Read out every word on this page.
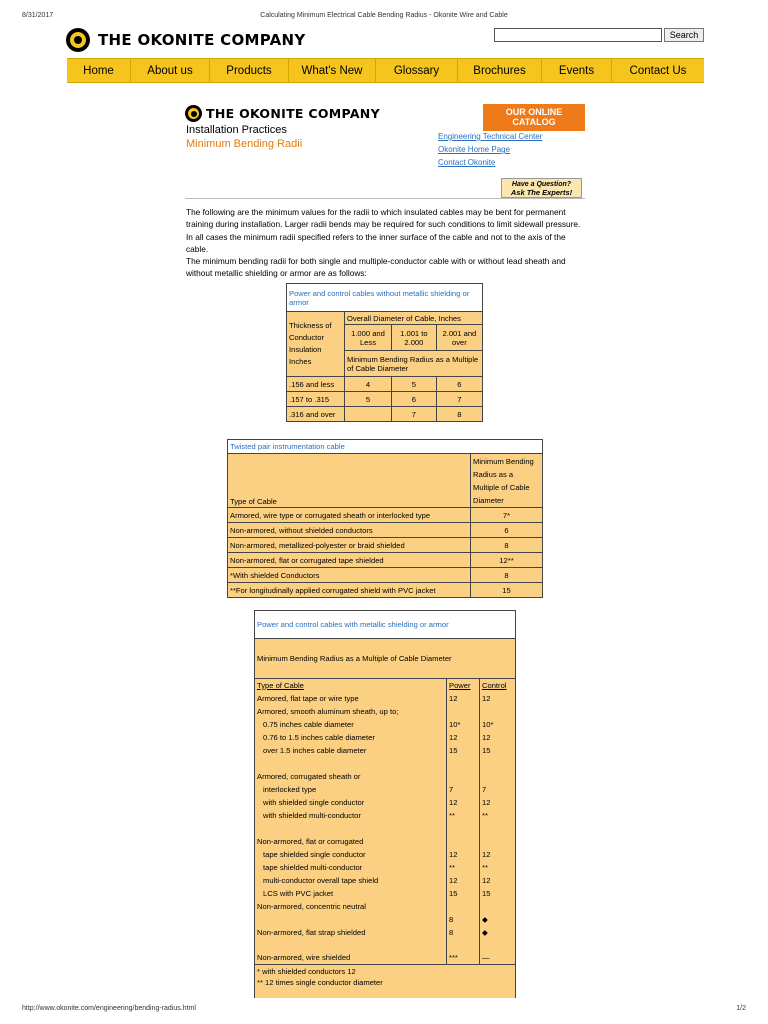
8/31/2017	Calculating Minimum Electrical Cable Bending Radius - Okonite Wire and Cable
THE OKONITE COMPANY	Search
Home	About us	Products	What's New	Glossary	Brochures	Events	Contact Us
THE OKONITE COMPANY
Installation Practices
Minimum Bending Radii
OUR ONLINE CATALOG
Engineering Technical Center
Okonite Home Page
Contact Okonite
Have a Question?
Ask The Experts!
The following are the minimum values for the radii to which insulated cables may be bent for permanent training during installation. Larger radii bends may be required for such conditions to limit sidewall pressure. In all cases the minimum radii specified refers to the inner surface of the cable and not to the axis of the cable.
The minimum bending radii for both single and multiple-conductor cable with or without lead sheath and without metallic shielding or armor are as follows:
Power and control cables without metallic shielding or armor			
Thickness of Conductor Insulation Inches	Overall Diameter of Cable, Inches		
	1.000 and Less	1.001 to 2.000	2.001 and over
	Minimum Bending Radius as a Multiple of Cable Diameter		
.156 and less	4	5	6
.157 to .315	5	6	7
.316 and over		7	8
Twisted pair instrumentation cable	
Type of Cable	Minimum Bending Radius as a Multiple of Cable Diameter
Armored, wire type or corrugated sheath or interlocked type	7*
Non-armored, without shielded conductors	6
Non-armored, metallized-polyester or braid shielded	8
Non-armored, flat or corrugated tape shielded	12**
*With shielded Conductors	8
**For longitudinally applied corrugated shield with PVC jacket	15
Power and control cables with metallic shielding or armor		
Minimum Bending Radius as a Multiple of Cable Diameter		
Type of Cable	Power	Control
Armored, flat tape or wire type	12	12
Armored, smooth aluminum sheath, up to;		
0.75 inches cable diameter	10*	10*
0.76 to 1.5 inches cable diameter	12	12
over 1.5 inches cable diameter	15	15

Armored, corrugated sheath or		
interlocked type	7	7
with shielded single conductor	12	12
with shielded multi-conductor	**	**

Non-armored, flat or corrugated		
tape shielded single conductor	12	12
tape shielded multi-conductor	**	**
multi-conductor overall tape shield	12	12
LCS with PVC jacket	15	15
Non-armored, concentric neutral		
	8	◆
Non-armored, flat strap shielded	8	◆

Non-armored, wire shielded	***	—
* with shielded conductors 12		
** 12 times single conductor diameter		
http://www.okonite.com/engineering/bending-radius.html	1/2
